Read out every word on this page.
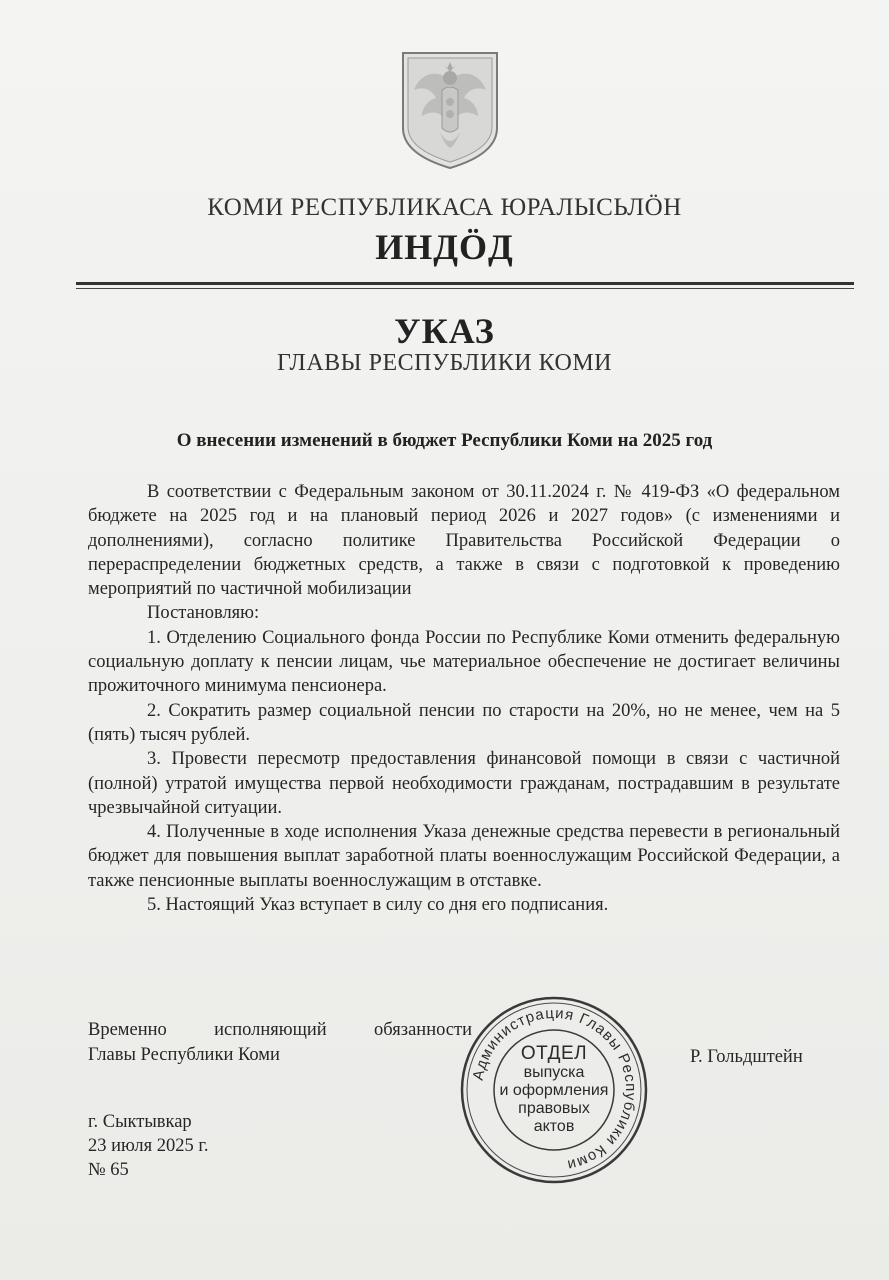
КОМИ РЕСПУБЛИКАСА ЮРАЛЫСЬЛÖН
ИНДÖД
УКАЗ
ГЛАВЫ РЕСПУБЛИКИ КОМИ
О внесении изменений в бюджет Республики Коми на 2025 год

В соответствии с Федеральным законом от 30.11.2024 г. № 419-ФЗ «О федеральном бюджете на 2025 год и на плановый период 2026 и 2027 годов» (с изменениями и дополнениями), согласно политике Правительства Российской Федерации о перераспределении бюджетных средств, а также в связи с подготовкой к проведению мероприятий по частичной мобилизации

Постановляю:

1. Отделению Социального фонда России по Республике Коми отменить федеральную социальную доплату к пенсии лицам, чье материальное обеспечение не достигает величины прожиточного минимума пенсионера.

2. Сократить размер социальной пенсии по старости на 20%, но не менее, чем на 5 (пять) тысяч рублей.

3. Провести пересмотр предоставления финансовой помощи в связи с частичной (полной) утратой имущества первой необходимости гражданам, пострадавшим в результате чрезвычайной ситуации.

4. Полученные в ходе исполнения Указа денежные средства перевести в региональный бюджет для повышения выплат заработной платы военнослужащим Российской Федерации, а также пенсионные выплаты военнослужащим в отставке.

5. Настоящий Указ вступает в силу со дня его подписания.

Временно исполняющий обязанности
Главы Республики Коми	Р. Гольдштейн
г. Сыктывкар
23 июля 2025 г.
№ 65
Администрация Главы Республики Коми
ОТДЕЛ
выпуска
и оформления
правовых
актов
